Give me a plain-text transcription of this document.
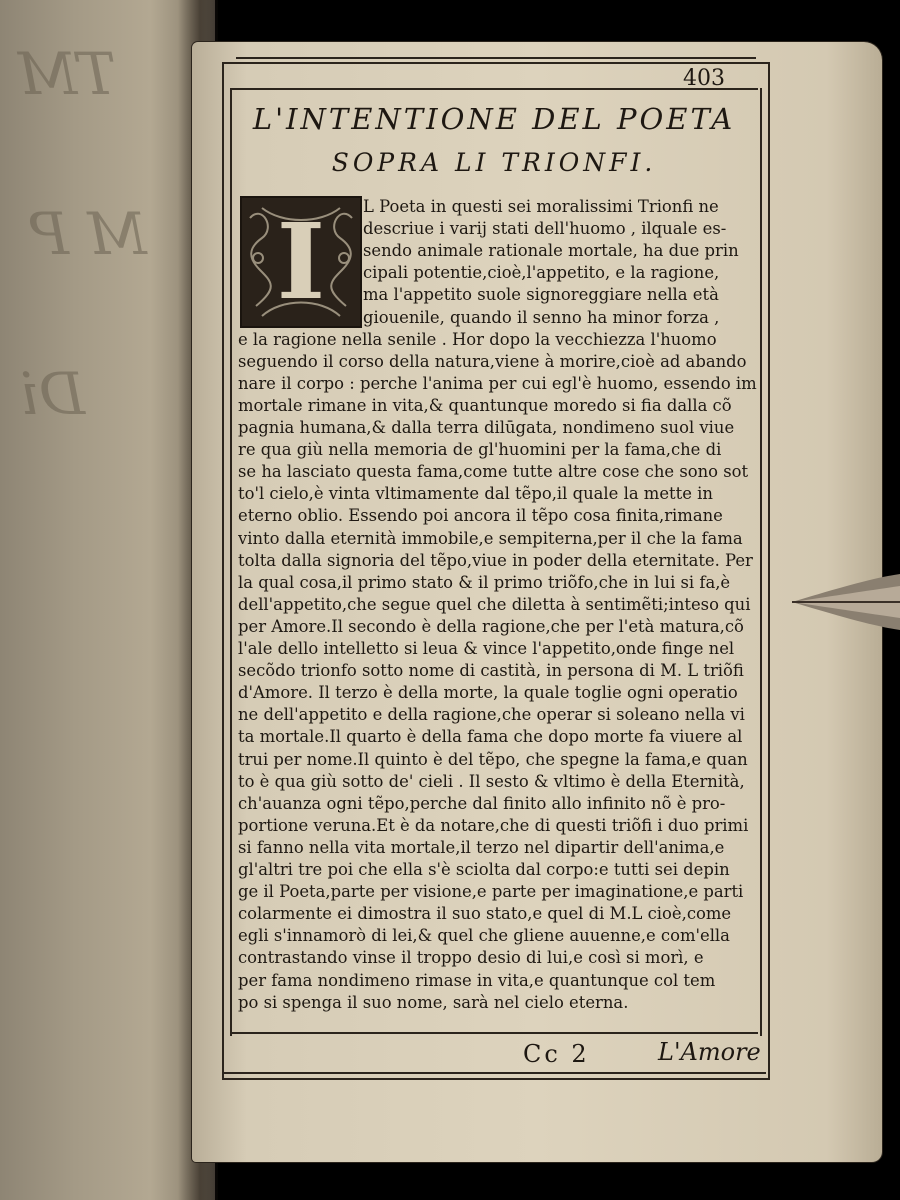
TM
M P
Di
403
L'INTENTIONE DEL POETA
SOPRA LI TRIONFI.
I L Poeta in questi sei moralissimi Trionfi ne
descriue i varij stati dell'huomo , ilquale es-
sendo animale rationale mortale, ha due prin
cipali potentie,cioè,l'appetito, e la ragione,
ma l'appetito suole signoreggiare nella età
giouenile, quando il senno ha minor forza ,
e la ragione nella senile . Hor dopo la vecchiezza l'huomo
seguendo il corso della natura,viene à morire,cioè ad abando
nare il corpo : perche l'anima per cui egl'è huomo, essendo im
mortale rimane in vita,& quantunque moredo si fia dalla cõ
pagnia humana,& dalla terra dilūgata, nondimeno suol viue
re qua giù nella memoria de gl'huomini per la fama,che di
se ha lasciato questa fama,come tutte altre cose che sono sot
to'l cielo,è vinta vltimamente dal tẽpo,il quale la mette in
eterno oblio. Essendo poi ancora il tẽpo cosa finita,rimane
vinto dalla eternità immobile,e sempiterna,per il che la fama
tolta dalla signoria del tẽpo,viue in poder della eternitate. Per
la qual cosa,il primo stato & il primo triõfo,che in lui si fa,è
dell'appetito,che segue quel che diletta à sentimẽti;inteso qui
per Amore.Il secondo è della ragione,che per l'età matura,cõ
l'ale dello intelletto si leua & vince l'appetito,onde finge nel
secõdo trionfo sotto nome di castità, in persona di M. L triõfi
d'Amore. Il terzo è della morte, la quale toglie ogni operatio
ne dell'appetito e della ragione,che operar si soleano nella vi
ta mortale.Il quarto è della fama che dopo morte fa viuere al
trui per nome.Il quinto è del tẽpo, che spegne la fama,e quan
to è qua giù sotto de' cieli . Il sesto & vltimo è della Eternità,
ch'auanza ogni tẽpo,perche dal finito allo infinito nõ è pro-
portione veruna.Et è da notare,che di questi triõfi i duo primi
si fanno nella vita mortale,il terzo nel dipartir dell'anima,e
gl'altri tre poi che ella s'è sciolta dal corpo:e tutti sei depin
ge il Poeta,parte per visione,e parte per imaginatione,e parti
colarmente ei dimostra il suo stato,e quel di M.L cioè,come
egli s'innamorò di lei,& quel che gliene auuenne,e com'ella
contrastando vinse il troppo desio di lui,e così si morì, e
per fama nondimeno rimase in vita,e quantunque col tem
po si spenga il suo nome, sarà nel cielo eterna.
Cc 2	L'Amore
